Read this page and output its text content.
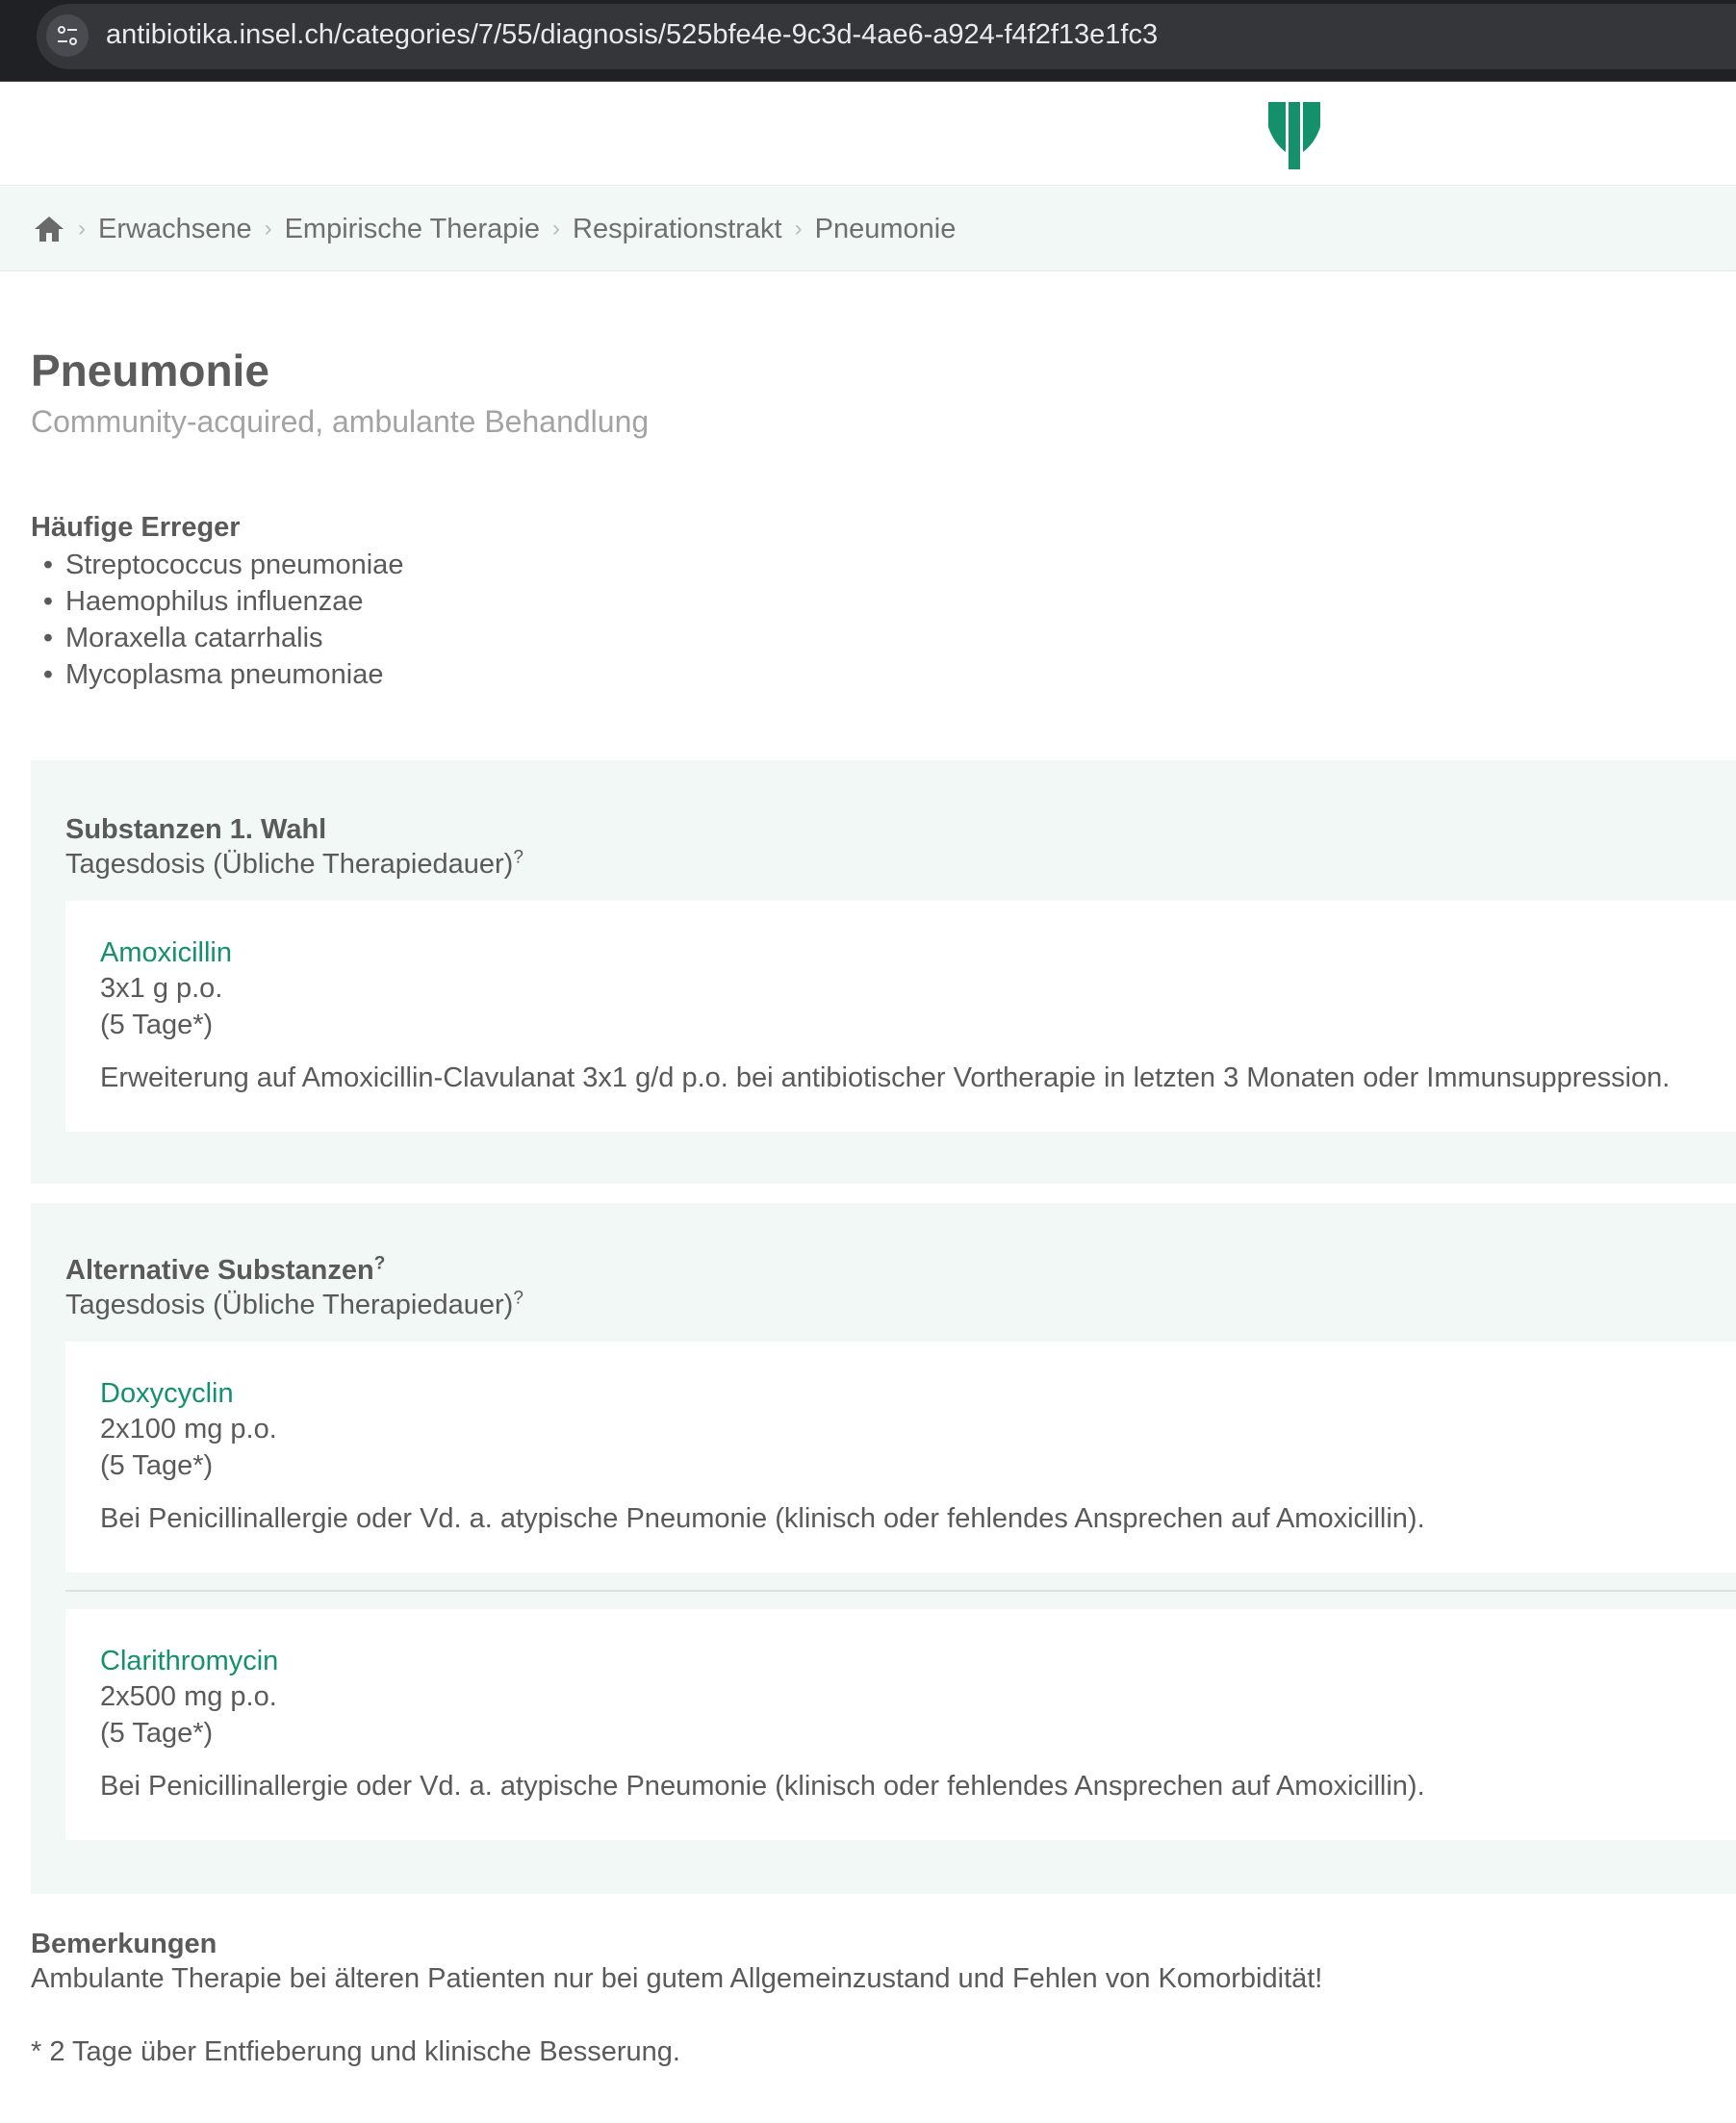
antibiotika.insel.ch/categories/7/55/diagnosis/525bfe4e-9c3d-4ae6-a924-f4f2f13e1fc3
› Erwachsene › Empirische Therapie › Respirationstrakt › Pneumonie
Pneumonie
Community-acquired, ambulante Behandlung
Häufige Erreger
• Streptococcus pneumoniae
• Haemophilus influenzae
• Moraxella catarrhalis
• Mycoplasma pneumoniae
Substanzen 1. Wahl
Tagesdosis (Übliche Therapiedauer)?
Amoxicillin
3x1 g p.o.
(5 Tage*)
Erweiterung auf Amoxicillin-Clavulanat 3x1 g/d p.o. bei antibiotischer Vortherapie in letzten 3 Monaten oder Immunsuppression.
Alternative Substanzen?
Tagesdosis (Übliche Therapiedauer)?
Doxycyclin
2x100 mg p.o.
(5 Tage*)
Bei Penicillinallergie oder Vd. a. atypische Pneumonie (klinisch oder fehlendes Ansprechen auf Amoxicillin).
Clarithromycin
2x500 mg p.o.
(5 Tage*)
Bei Penicillinallergie oder Vd. a. atypische Pneumonie (klinisch oder fehlendes Ansprechen auf Amoxicillin).
Bemerkungen
Ambulante Therapie bei älteren Patienten nur bei gutem Allgemeinzustand und Fehlen von Komorbidität!
* 2 Tage über Entfieberung und klinische Besserung.
